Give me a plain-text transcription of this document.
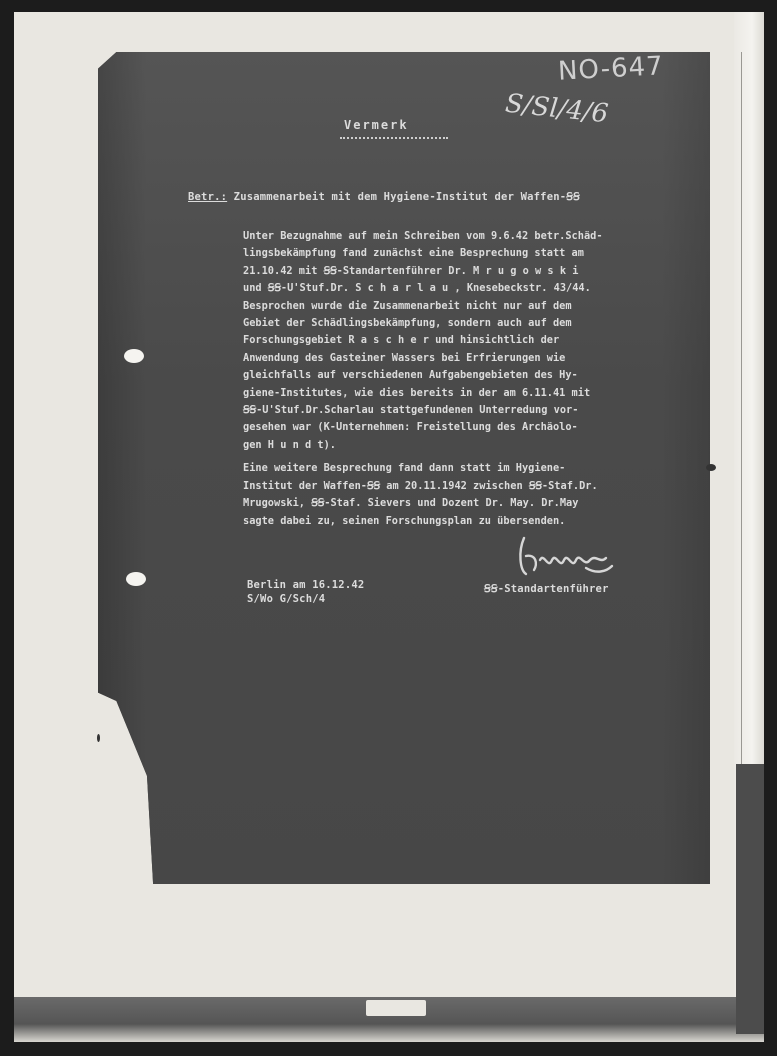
NO-647
S/Sl/4/6
Vermerk
Betr.: Zusammenarbeit mit dem Hygiene-Institut der Waffen-ꞨꞨ

Unter Bezugnahme auf mein Schreiben vom 9.6.42 betr.Schäd-
lingsbekämpfung fand zunächst eine Besprechung statt am
21.10.42 mit ꞨꞨ-Standartenführer Dr. M r u g o w s k i
und ꞨꞨ-U'Stuf.Dr. S c h a r l a u , Knesebeckstr. 43/44.
Besprochen wurde die Zusammenarbeit nicht nur auf dem
Gebiet der Schädlingsbekämpfung, sondern auch auf dem
Forschungsgebiet R a s c h e r und hinsichtlich der
Anwendung des Gasteiner Wassers bei Erfrierungen wie
gleichfalls auf verschiedenen Aufgabengebieten des Hy-
giene-Institutes, wie dies bereits in der am 6.11.41 mit
ꞨꞨ-U'Stuf.Dr.Scharlau stattgefundenen Unterredung vor-
gesehen war (K-Unternehmen: Freistellung des Archäolo-
gen H u n d t).

Eine weitere Besprechung fand dann statt im Hygiene-
Institut der Waffen-ꞨꞨ am 20.11.1942 zwischen ꞨꞨ-Staf.Dr.
Mrugowski, ꞨꞨ-Staf. Sievers und Dozent Dr. May. Dr.May
sagte dabei zu, seinen Forschungsplan zu übersenden.

Berlin am 16.12.42
S/Wo G/Sch/4
ꞨꞨ-Standartenführer
